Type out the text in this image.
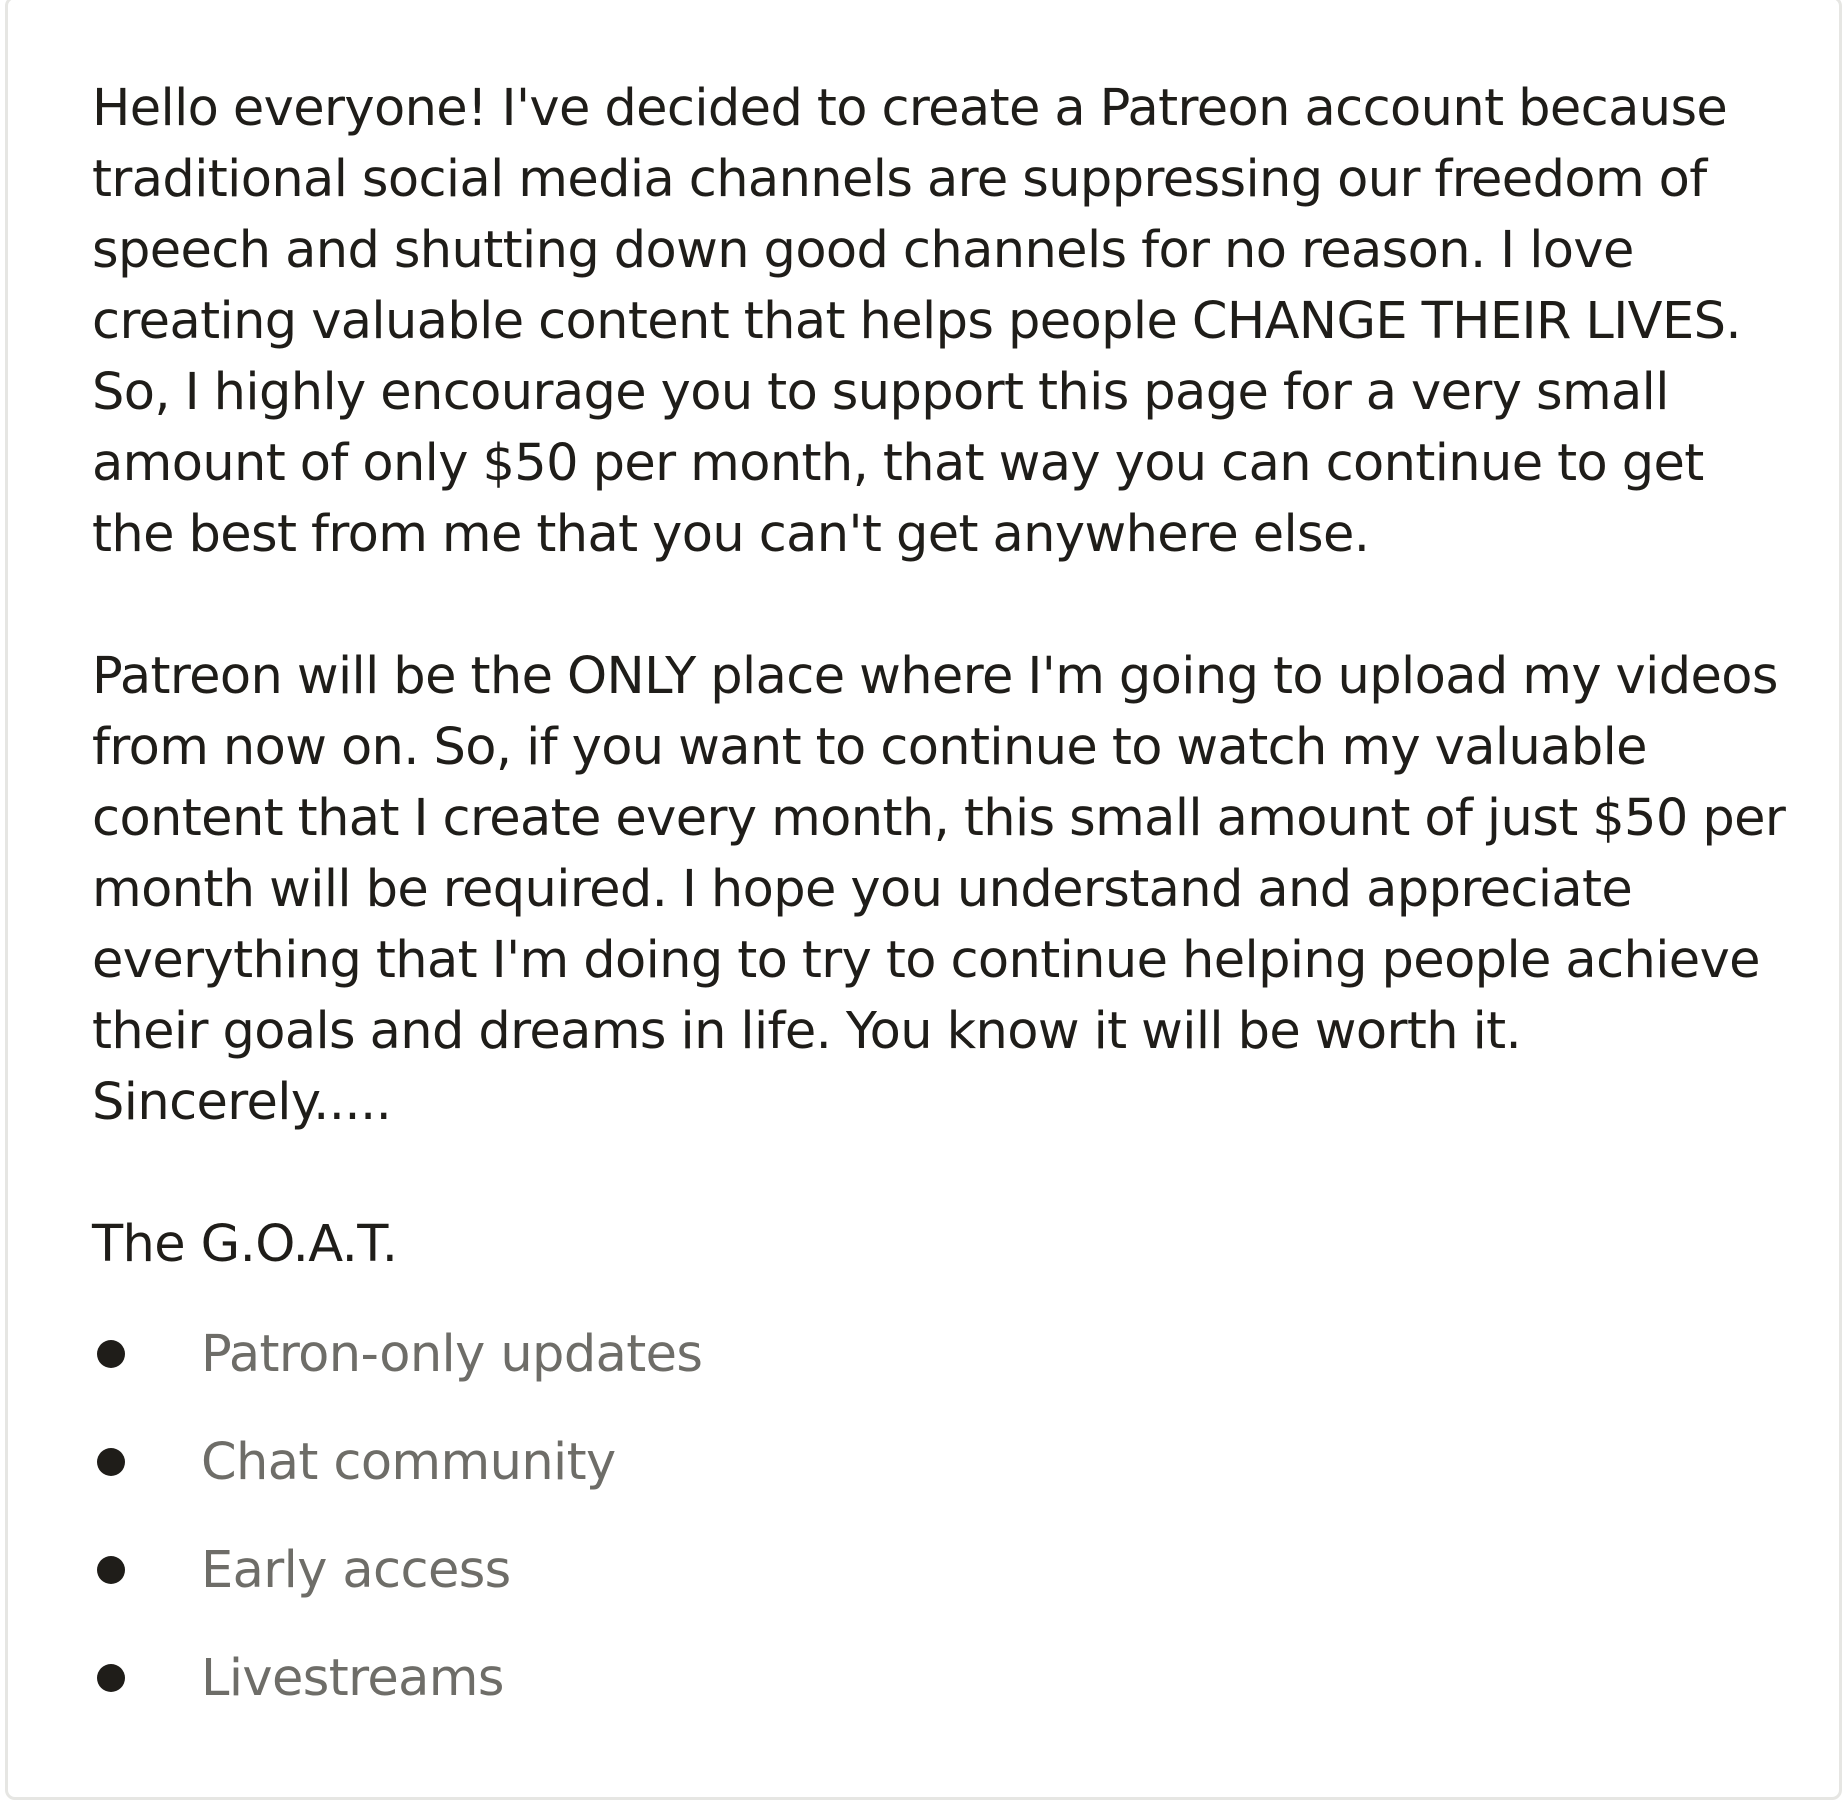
Hello everyone! I've decided to create a Patreon account because traditional social media channels are suppressing our freedom of speech and shutting down good channels for no reason. I love creating valuable content that helps people CHANGE THEIR LIVES. So, I highly encourage you to support this page for a very small amount of only $50 per month, that way you can continue to get the best from me that you can't get anywhere else.

Patreon will be the ONLY place where I'm going to upload my videos from now on. So, if you want to continue to watch my valuable content that I create every month, this small amount of just $50 per month will be required. I hope you understand and appreciate everything that I'm doing to try to continue helping people achieve their goals and dreams in life. You know it will be worth it.
Sincerely.....

The G.O.A.T.

Patron-only updates
Chat community
Early access
Livestreams
